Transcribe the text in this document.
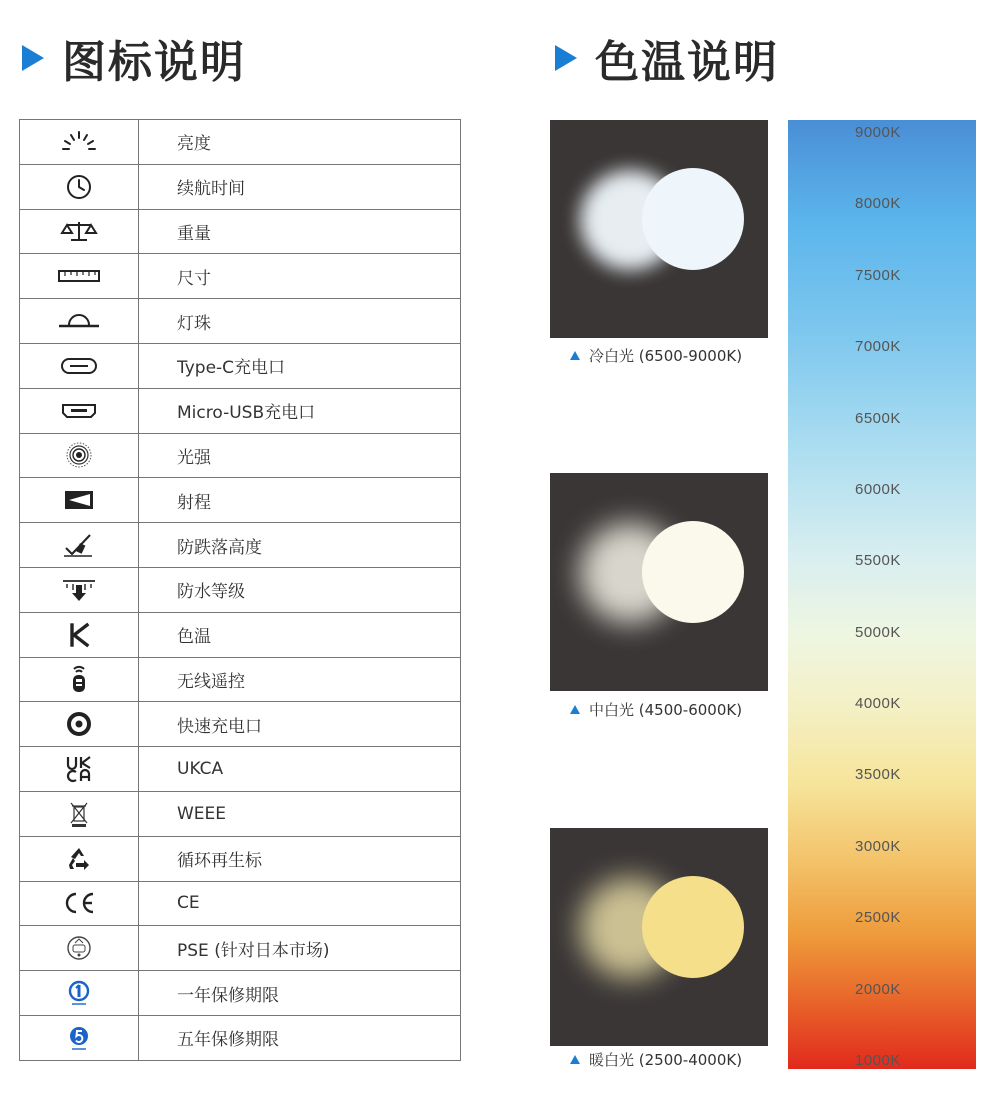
图标说明	色温说明
	亮度
	续航时间
	重量
	尺寸
	灯珠
	Type-C充电口
	Micro-USB充电口
	光强
	射程
	防跌落高度
	防水等级
	色温
	无线遥控
	快速充电口
	UKCA
	WEEE
	循环再生标
	CE
	PSE (针对日本市场)
	一年保修期限
	五年保修期限
冷白光 (6500-9000K)
中白光 (4500-6000K)
暖白光 (2500-4000K)
9000K
8000K
7500K
7000K
6500K
6000K
5500K
5000K
4000K
3500K
3000K
2500K
2000K
1000K
